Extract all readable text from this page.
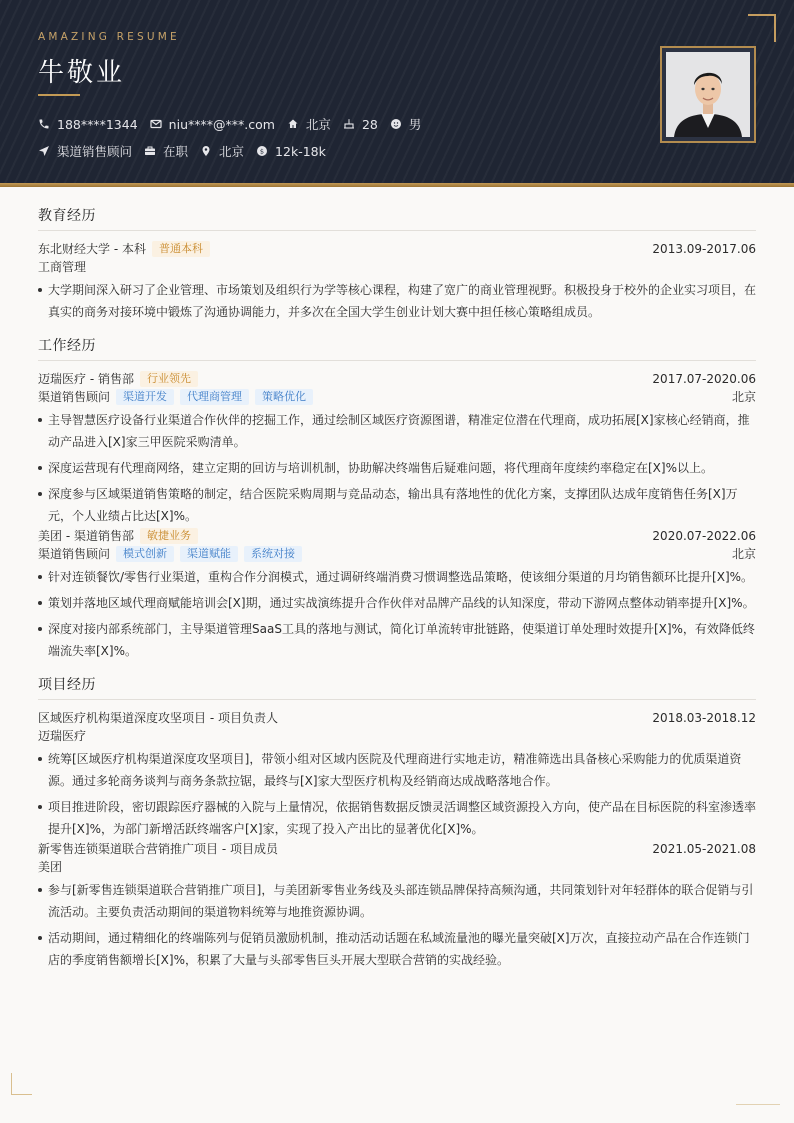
AMAZING RESUME
牛敬业
188****1344 niu****@***.com 北京 28 男
渠道销售顾问 在职 北京 $ 12k-18k
教育经历
东北财经大学 - 本科	普通本科	2013.09-2017.06
工商管理
大学期间深入研习了企业管理、市场策划及组织行为学等核心课程，构建了宽广的商业管理视野。积极投身于校外的企业实习项目，在真实的商务对接环境中锻炼了沟通协调能力，并多次在全国大学生创业计划大赛中担任核心策略组成员。
工作经历
迈瑞医疗 - 销售部	行业领先	2017.07-2020.06
渠道销售顾问	渠道开发	代理商管理	策略优化	北京
主导智慧医疗设备行业渠道合作伙伴的挖掘工作，通过绘制区域医疗资源图谱，精准定位潜在代理商，成功拓展[X]家核心经销商，推动产品进入[X]家三甲医院采购清单。
深度运营现有代理商网络，建立定期的回访与培训机制，协助解决终端售后疑难问题，将代理商年度续约率稳定在[X]%以上。
深度参与区域渠道销售策略的制定，结合医院采购周期与竞品动态，输出具有落地性的优化方案，支撑团队达成年度销售任务[X]万元，个人业绩占比达[X]%。
美团 - 渠道销售部	敏捷业务	2020.07-2022.06
渠道销售顾问	模式创新	渠道赋能	系统对接	北京
针对连锁餐饮/零售行业渠道，重构合作分润模式，通过调研终端消费习惯调整选品策略，使该细分渠道的月均销售额环比提升[X]%。
策划并落地区域代理商赋能培训会[X]期，通过实战演练提升合作伙伴对品牌产品线的认知深度，带动下游网点整体动销率提升[X]%。
深度对接内部系统部门，主导渠道管理SaaS工具的落地与测试，简化订单流转审批链路，使渠道订单处理时效提升[X]%，有效降低终端流失率[X]%。
项目经历
区域医疗机构渠道深度攻坚项目 - 项目负责人	2018.03-2018.12
迈瑞医疗
统筹[区域医疗机构渠道深度攻坚项目]，带领小组对区域内医院及代理商进行实地走访，精准筛选出具备核心采购能力的优质渠道资源。通过多轮商务谈判与商务条款拉锯，最终与[X]家大型医疗机构及经销商达成战略落地合作。
项目推进阶段，密切跟踪医疗器械的入院与上量情况，依据销售数据反馈灵活调整区域资源投入方向，使产品在目标医院的科室渗透率提升[X]%，为部门新增活跃终端客户[X]家，实现了投入产出比的显著优化[X]%。
新零售连锁渠道联合营销推广项目 - 项目成员	2021.05-2021.08
美团
参与[新零售连锁渠道联合营销推广项目]，与美团新零售业务线及头部连锁品牌保持高频沟通，共同策划针对年轻群体的联合促销与引流活动。主要负责活动期间的渠道物料统筹与地推资源协调。
活动期间，通过精细化的终端陈列与促销员激励机制，推动活动话题在私域流量池的曝光量突破[X]万次，直接拉动产品在合作连锁门店的季度销售额增长[X]%，积累了大量与头部零售巨头开展大型联合营销的实战经验。
